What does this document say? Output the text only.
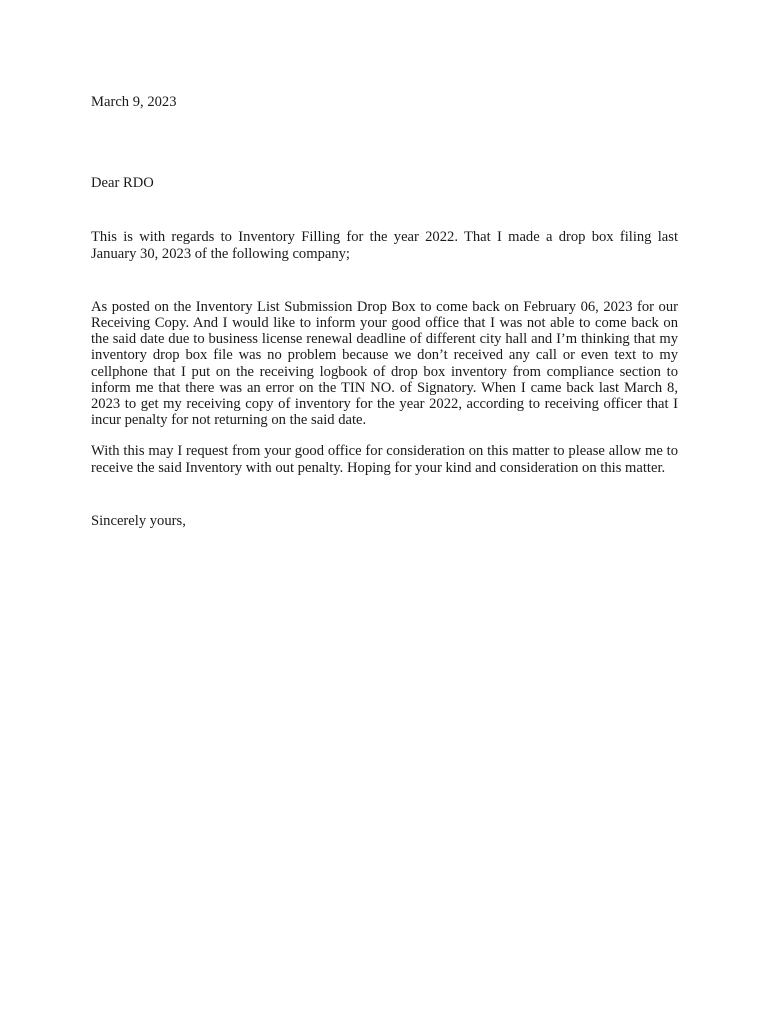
March 9, 2023

Dear RDO

This is with regards to Inventory Filling for the year 2022. That I made a drop box filing last January 30, 2023 of the following company;

As posted on the Inventory List Submission Drop Box to come back on February 06, 2023 for our Receiving Copy. And I would like to inform your good office that I was not able to come back on the said date due to business license renewal deadline of different city hall and I’m thinking that my inventory drop box file was no problem because we don’t received any call or even text to my cellphone that I put on the receiving logbook of drop box inventory from compliance section to inform me that there was an error on the TIN NO. of Signatory. When I came back last March 8, 2023 to get my receiving copy of inventory for the year 2022, according to receiving officer that I incur penalty for not returning on the said date.

With this may I request from your good office for consideration on this matter to please allow me to receive the said Inventory with out penalty. Hoping for your kind and consideration on this matter.

Sincerely yours,
